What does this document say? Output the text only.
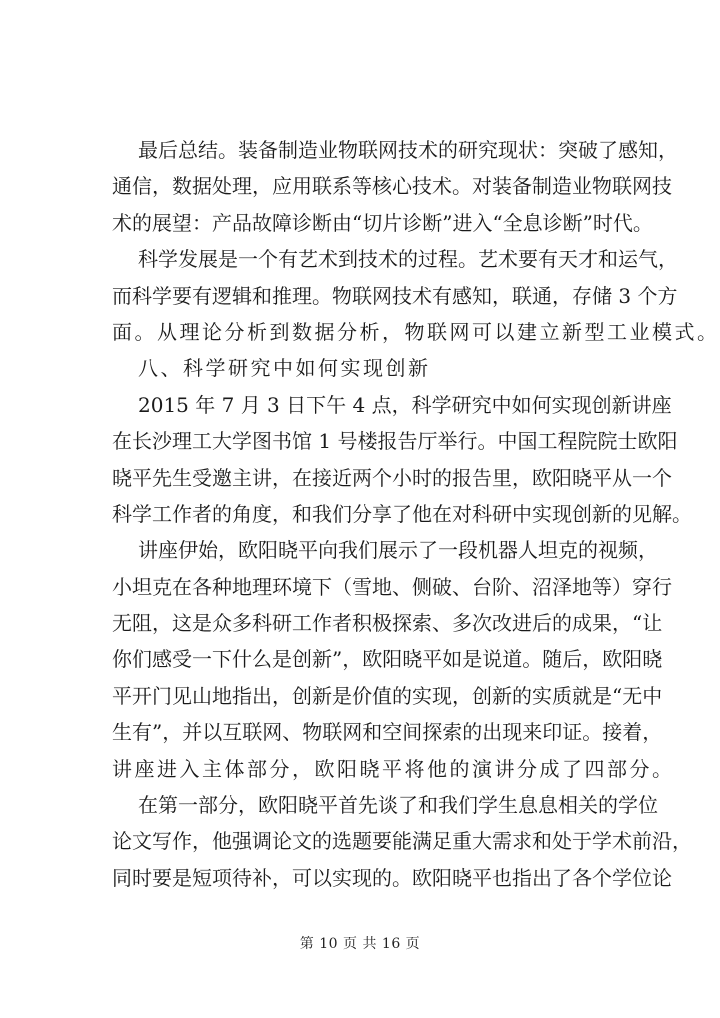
最后总结。装备制造业物联网技术的研究现状：突破了感知，
通信，数据处理，应用联系等核心技术。对装备制造业物联网技
术的展望：产品故障诊断由“切片诊断”进入“全息诊断”时代。
科学发展是一个有艺术到技术的过程。艺术要有天才和运气，
而科学要有逻辑和推理。物联网技术有感知，联通，存储 3 个方
面。从理论分析到数据分析，物联网可以建立新型工业模式。
八、科学研究中如何实现创新
2015 年 7 月 3 日下午 4 点，科学研究中如何实现创新讲座
在长沙理工大学图书馆 1 号楼报告厅举行。中国工程院院士欧阳
晓平先生受邀主讲，在接近两个小时的报告里，欧阳晓平从一个
科学工作者的角度，和我们分享了他在对科研中实现创新的见解。
讲座伊始，欧阳晓平向我们展示了一段机器人坦克的视频，
小坦克在各种地理环境下（雪地、侧破、台阶、沼泽地等）穿行
无阻，这是众多科研工作者积极探索、多次改进后的成果，“让
你们感受一下什么是创新”，欧阳晓平如是说道。随后，欧阳晓
平开门见山地指出，创新是价值的实现，创新的实质就是“无中
生有”，并以互联网、物联网和空间探索的出现来印证。接着，
讲座进入主体部分，欧阳晓平将他的演讲分成了四部分。
在第一部分，欧阳晓平首先谈了和我们学生息息相关的学位
论文写作，他强调论文的选题要能满足重大需求和处于学术前沿，
同时要是短项待补，可以实现的。欧阳晓平也指出了各个学位论
第 10 页 共 16 页
